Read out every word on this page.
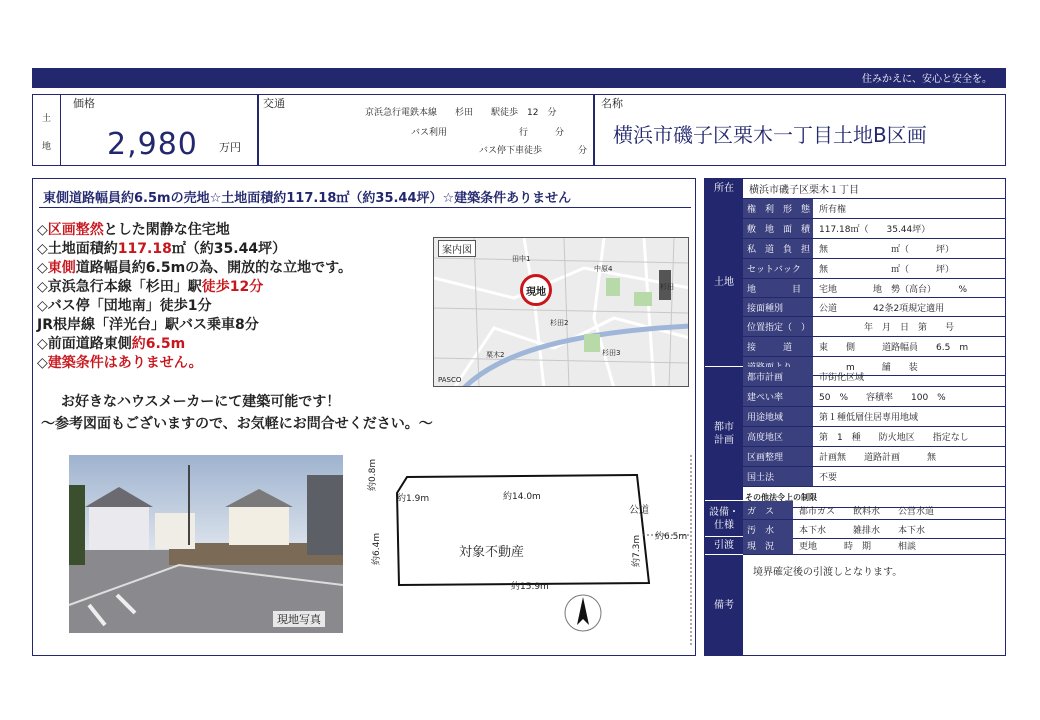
住みかえに、安心と安全を。
土
地
価格
2,980 万円
交通
京浜急行電鉄本線　　杉田　　駅徒歩　12　分
バス利用　　　　　　　　行　　　分
バス停下車徒歩　　　　分
名称
横浜市磯子区栗木一丁目土地B区画
東側道路幅員約6.5mの売地☆土地面積約117.18㎡（約35.44坪）☆建築条件ありません
◇区画整然とした閑静な住宅地
◇土地面積約117.18㎡（約35.44坪）
◇東側道路幅員約6.5mの為、開放的な立地です。
◇京浜急行本線「杉田」駅徒歩12分
◇バス停「団地南」徒歩1分
JR根岸線「洋光台」駅バス乗車8分
◇前面道路東側約6.5m
◇建築条件はありません。
お好きなハウスメーカーにて建築可能です！
～参考図面もございますので、お気軽にお問合せください。～
案内図
現地
中原4
杉田2
杉田3
栗木2
田中1
杉田
PASCO
現地写真
対象不動産
公道
約1.9m	約14.0m
約0.8m
約6.4m	約7.3m
約15.9m
約6.5m
所在	横浜市磯子区栗木１丁目
土地
権　利　形　態 所有権
敷　地　面　積 117.18㎡（　　35.44坪）
私　道　負　担 無　　　　　　　㎡（　　　坪）
セットバック	無　　　　　　　㎡（　　　坪）
地　　　　目	宅地　　　　地　勢（高台）　　　%
接面種別	公道　　　　42条2項規定適用
位置指定（　） 　　　　　年　月　日　第　　号
接　　　道	東　　側　　　道路幅員　　6.5　m
　　　m　　　舗　　装
都市
計画
都市計画	市街化区域
建ぺい率	50　%　　容積率　　100　%
用途地域	第１種低層住居専用地域
高度地区	第　1　種　　防火地区　　指定なし
区画整理	計画無　　道路計画　　　無
国土法	不要
その他法令上の制限
設備・
仕様
ガ　ス	都市ガス　　飲料水　　公営水道
汚　水	本下水　　　雑排水　　本下水
引渡	現　況	更地　　　時　期　　　相談
備考
境界確定後の引渡しとなります。
